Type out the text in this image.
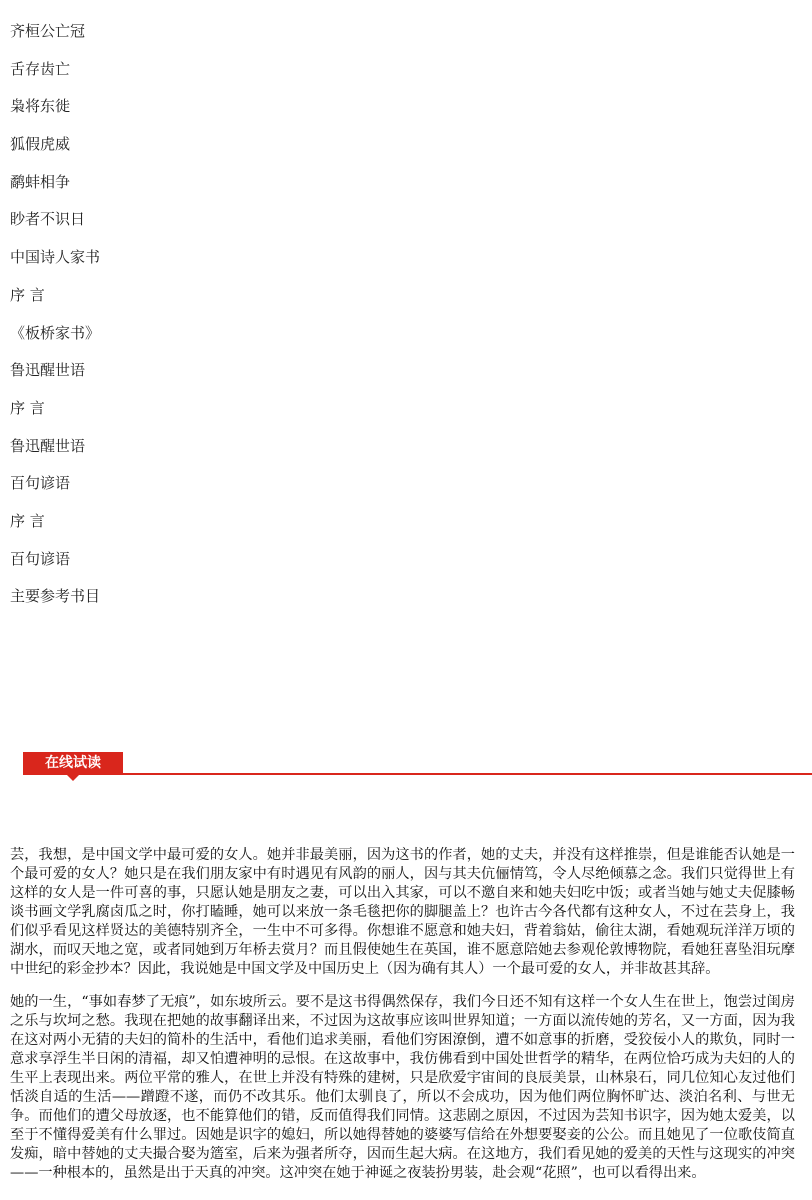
齐桓公亡冠
舌存齿亡
枭将东徙
狐假虎威
鹬蚌相争
眇者不识日
中国诗人家书
序 言
《板桥家书》
鲁迅醒世语
序 言
鲁迅醒世语
百句谚语
序 言
百句谚语
主要参考书目
在线试读

芸，我想，是中国文学中最可爱的女人。她并非最美丽，因为这书的作者，她的丈夫，并没有这样推崇，但是谁能否认她是一个最可爱的女人？她只是在我们朋友家中有时遇见有风韵的丽人，因与其夫伉俪情笃，令人尽绝倾慕之念。我们只觉得世上有这样的女人是一件可喜的事，只愿认她是朋友之妻，可以出入其家，可以不邀自来和她夫妇吃中饭；或者当她与她丈夫促膝畅谈书画文学乳腐卤瓜之时，你打瞌睡，她可以来放一条毛毯把你的脚腿盖上？也许古今各代都有这种女人，不过在芸身上，我们似乎看见这样贤达的美德特别齐全，一生中不可多得。你想谁不愿意和她夫妇，背着翁姑，偷往太湖，看她观玩洋洋万顷的湖水，而叹天地之宽，或者同她到万年桥去赏月？而且假使她生在英国，谁不愿意陪她去参观伦敦博物院，看她狂喜坠泪玩摩中世纪的彩金抄本？因此，我说她是中国文学及中国历史上（因为确有其人）一个最可爱的女人，并非故甚其辞。

她的一生，“事如春梦了无痕”，如东坡所云。要不是这书得偶然保存，我们今日还不知有这样一个女人生在世上，饱尝过闺房之乐与坎坷之愁。我现在把她的故事翻译出来，不过因为这故事应该叫世界知道；一方面以流传她的芳名，又一方面，因为我在这对两小无猜的夫妇的简朴的生活中，看他们追求美丽，看他们穷困潦倒，遭不如意事的折磨，受狡佞小人的欺负，同时一意求享浮生半日闲的清福，却又怕遭神明的忌恨。在这故事中，我仿佛看到中国处世哲学的精华，在两位恰巧成为夫妇的人的生平上表现出来。两位平常的雅人，在世上并没有特殊的建树，只是欣爱宇宙间的良辰美景，山林泉石，同几位知心友过他们恬淡自适的生活——蹭蹬不遂，而仍不改其乐。他们太驯良了，所以不会成功，因为他们两位胸怀旷达、淡泊名利、与世无争。而他们的遭父母放逐，也不能算他们的错，反而值得我们同情。这悲剧之原因，不过因为芸知书识字，因为她太爱美，以至于不懂得爱美有什么罪过。因她是识字的媳妇，所以她得替她的婆婆写信给在外想要娶妾的公公。而且她见了一位歌伎简直发痴，暗中替她的丈夫撮合娶为簉室，后来为强者所夺，因而生起大病。在这地方，我们看见她的爱美的天性与这现实的冲突——一种根本的，虽然是出于天真的冲突。这冲突在她于神诞之夜装扮男装，赴会观“花照”，也可以看得出来。
